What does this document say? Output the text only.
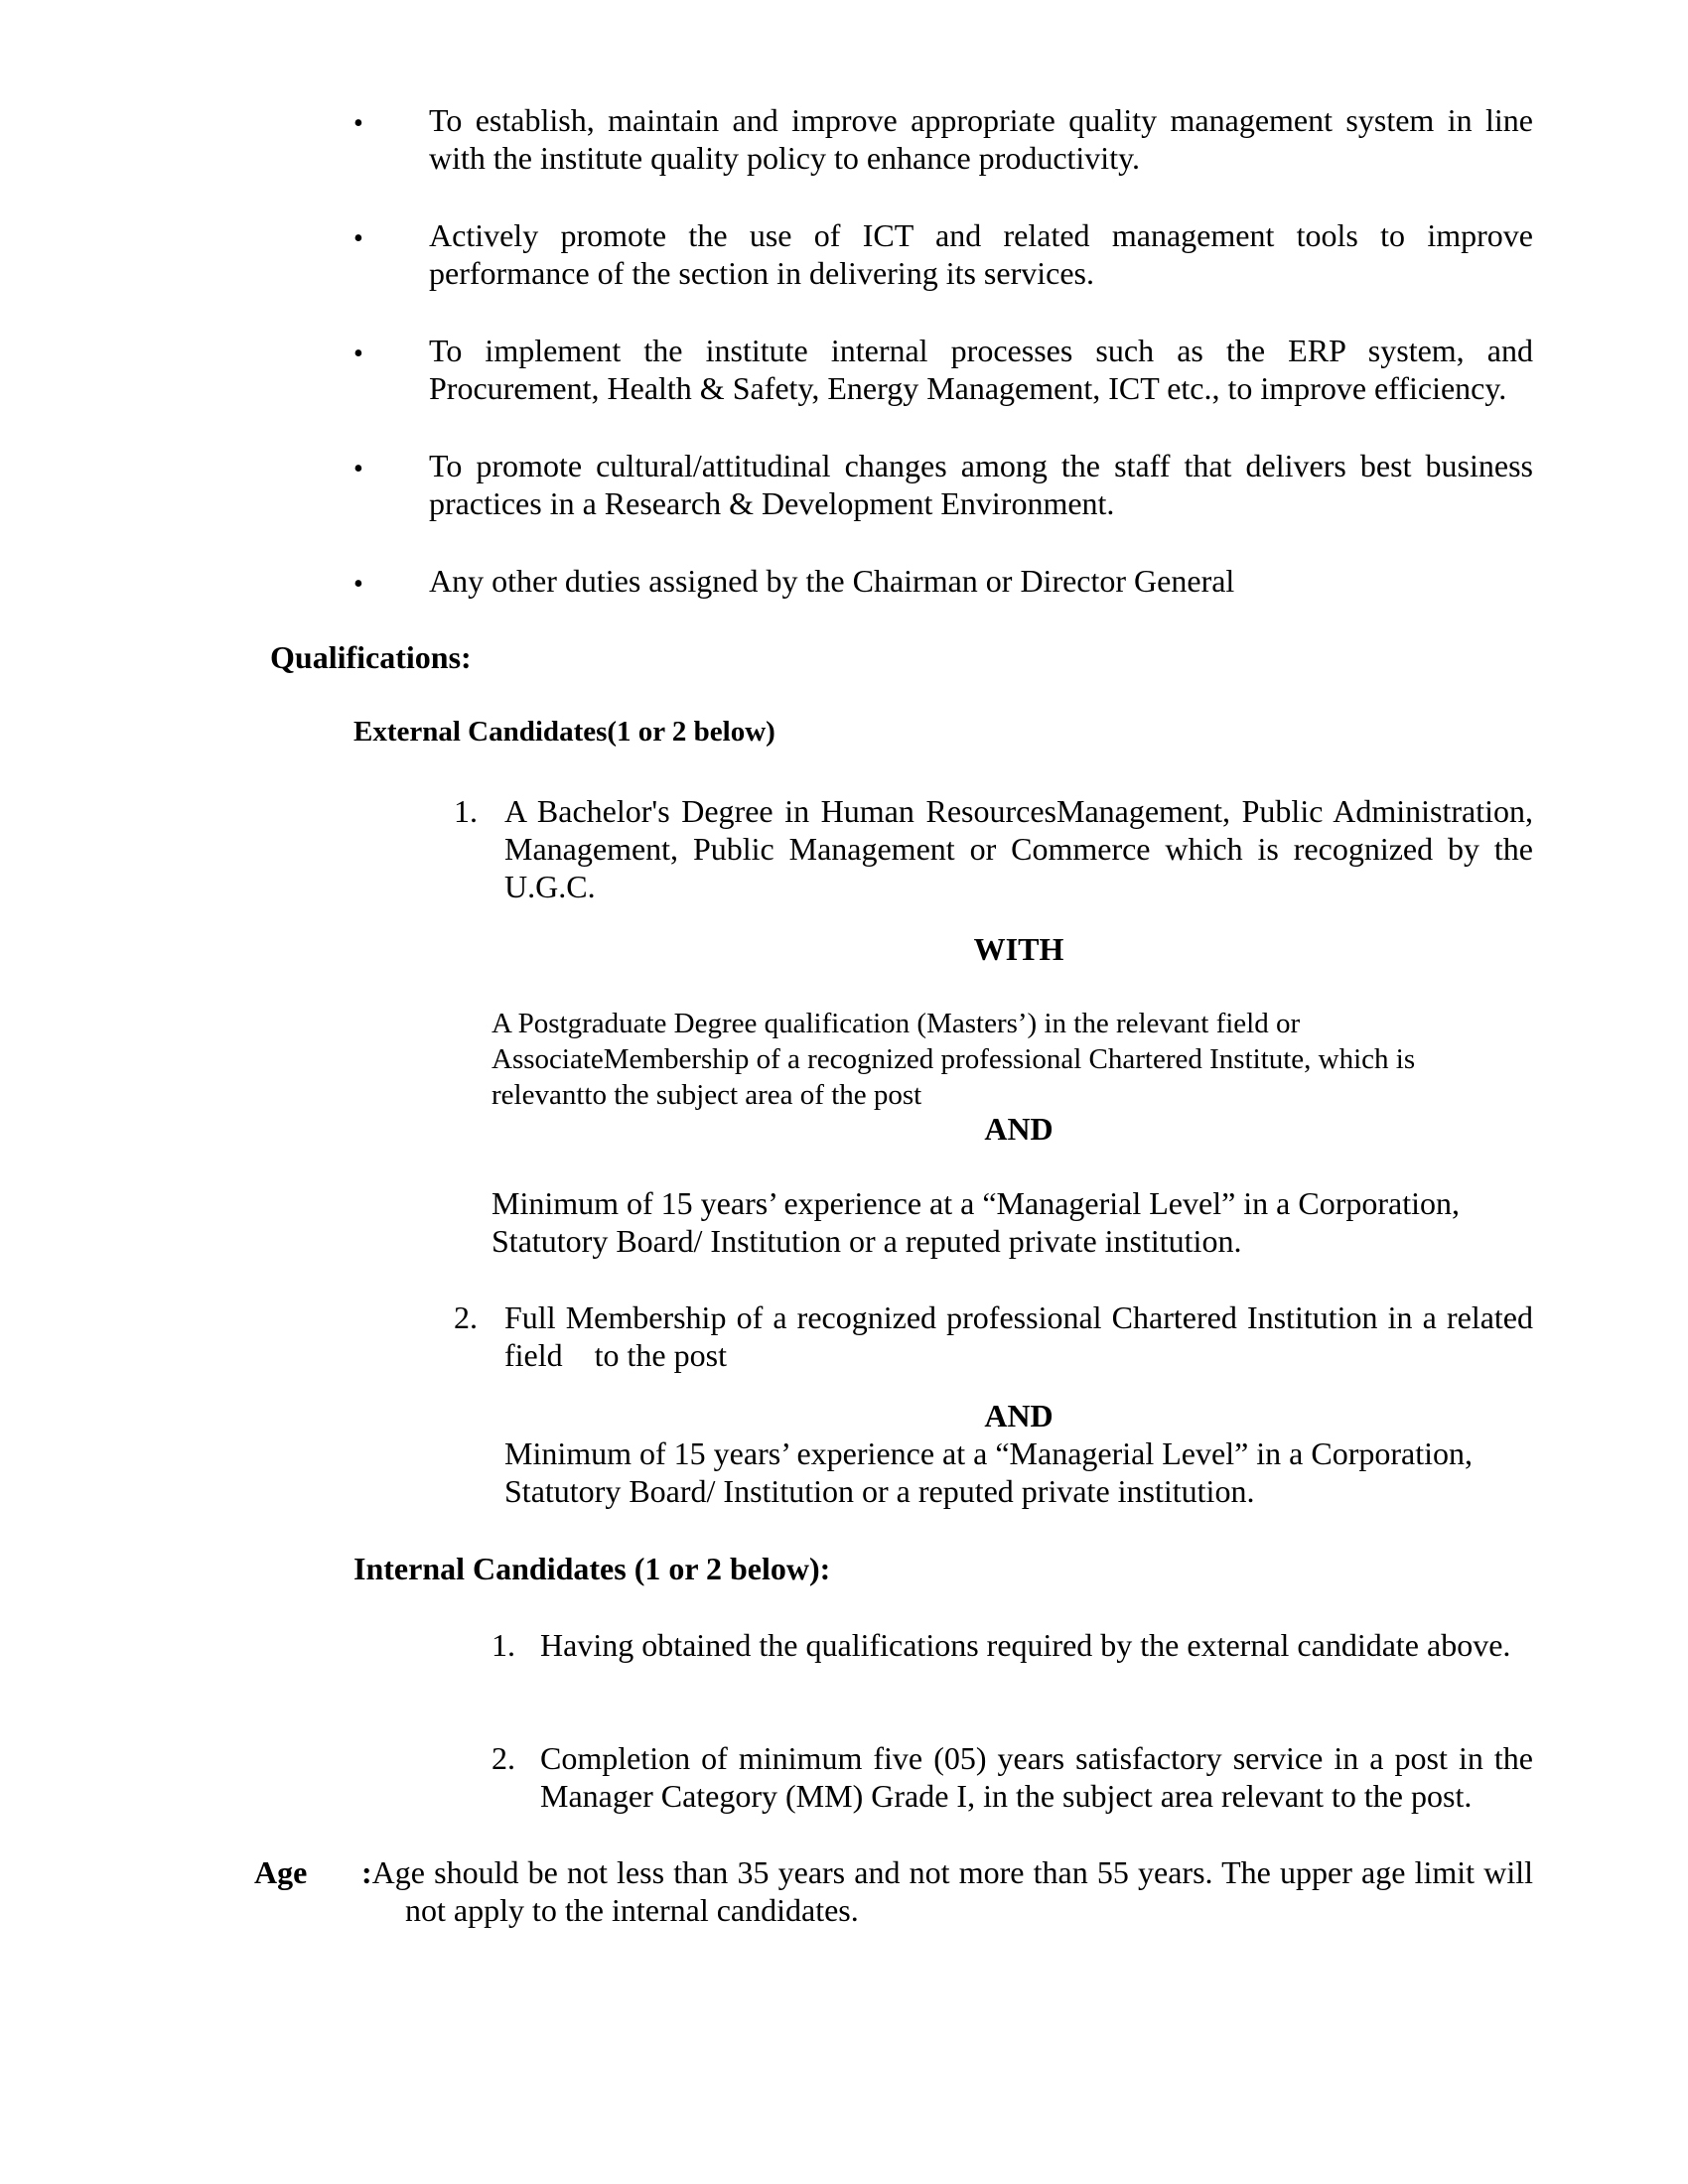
• To establish, maintain and improve appropriate quality management system in line with the institute quality policy to enhance productivity.
• Actively promote the use of ICT and related management tools to improve performance of the section in delivering its services.
• To implement the institute internal processes such as the ERP system, and Procurement, Health & Safety, Energy Management, ICT etc., to improve efficiency.
• To promote cultural/attitudinal changes among the staff that delivers best business practices in a Research & Development Environment.
• Any other duties assigned by the Chairman or Director General
Qualifications:
External Candidates(1 or 2 below)
1. A Bachelor's Degree in Human ResourcesManagement, Public Administration, Management, Public Management or Commerce which is recognized by the U.G.C.
WITH
A Postgraduate Degree qualification (Masters’) in the relevant field or AssociateMembership of a recognized professional Chartered Institute, which is relevantto the subject area of the post
AND
Minimum of 15 years’ experience at a “Managerial Level” in a Corporation, Statutory Board/ Institution or a reputed private institution.
2. Full Membership of a recognized professional Chartered Institution in a related field    to the post
AND
Minimum of 15 years’ experience at a “Managerial Level” in a Corporation, Statutory Board/ Institution or a reputed private institution.
Internal Candidates (1 or 2 below):
1. Having obtained the qualifications required by the external candidate above.
2. Completion of minimum five (05) years satisfactory service in a post in the Manager Category (MM) Grade I, in the subject area relevant to the post.
Age :Age should be not less than 35 years and not more than 55 years. The upper age limit will not apply to the internal candidates.
